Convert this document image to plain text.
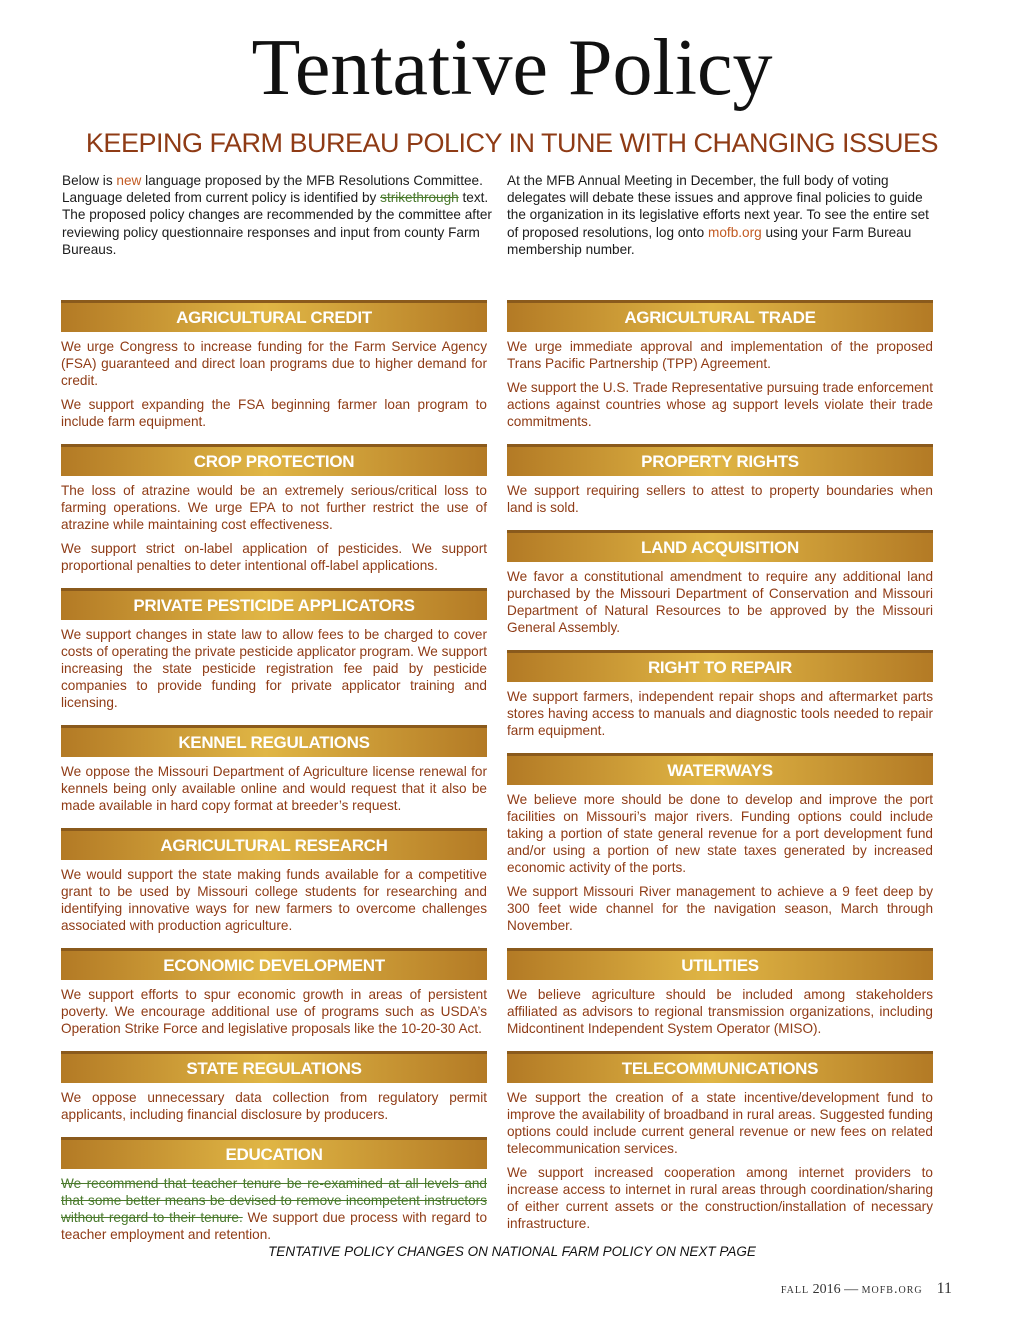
Tentative Policy
KEEPING FARM BUREAU POLICY IN TUNE WITH CHANGING ISSUES
Below is new language proposed by the MFB Resolutions Committee. Language deleted from current policy is identified by strikethrough text. The proposed policy changes are recommended by the committee after reviewing policy questionnaire responses and input from county Farm Bureaus.
At the MFB Annual Meeting in December, the full body of voting delegates will debate these issues and approve final policies to guide the organization in its legislative efforts next year. To see the entire set of proposed resolutions, log onto mofb.org using your Farm Bureau membership number.
AGRICULTURAL CREDIT

We urge Congress to increase funding for the Farm Service Agency (FSA) guaranteed and direct loan programs due to higher demand for credit.

We support expanding the FSA beginning farmer loan program to include farm equipment.

CROP PROTECTION

The loss of atrazine would be an extremely serious/critical loss to farming operations. We urge EPA to not further restrict the use of atrazine while maintaining cost effectiveness.

We support strict on-label application of pesticides. We support proportional penalties to deter intentional off-label applications.

PRIVATE PESTICIDE APPLICATORS

We support changes in state law to allow fees to be charged to cover costs of operating the private pesticide applicator program. We support increasing the state pesticide registration fee paid by pesticide companies to provide funding for private applicator training and licensing.

KENNEL REGULATIONS

We oppose the Missouri Department of Agriculture license renewal for kennels being only available online and would request that it also be made available in hard copy format at breeder’s request.

AGRICULTURAL RESEARCH

We would support the state making funds available for a competitive grant to be used by Missouri college students for researching and identifying innovative ways for new farmers to overcome challenges associated with production agriculture.

ECONOMIC DEVELOPMENT

We support efforts to spur economic growth in areas of persistent poverty. We encourage additional use of programs such as USDA’s Operation Strike Force and legislative proposals like the 10-20-30 Act.

STATE REGULATIONS

We oppose unnecessary data collection from regulatory permit applicants, including financial disclosure by producers.

EDUCATION

We recommend that teacher tenure be re-examined at all levels and that some better means be devised to remove incompetent instructors without regard to their tenure. We support due process with regard to teacher employment and retention.

AGRICULTURAL TRADE

We urge immediate approval and implementation of the proposed Trans Pacific Partnership (TPP) Agreement.

We support the U.S. Trade Representative pursuing trade enforcement actions against countries whose ag support levels violate their trade commitments.

PROPERTY RIGHTS

We support requiring sellers to attest to property boundaries when land is sold.

LAND ACQUISITION

We favor a constitutional amendment to require any additional land purchased by the Missouri Department of Conservation and Missouri Department of Natural Resources to be approved by the Missouri General Assembly.

RIGHT TO REPAIR

We support farmers, independent repair shops and aftermarket parts stores having access to manuals and diagnostic tools needed to repair farm equipment.

WATERWAYS

We believe more should be done to develop and improve the port facilities on Missouri’s major rivers. Funding options could include taking a portion of state general revenue for a port development fund and/or using a portion of new state taxes generated by increased economic activity of the ports.

We support Missouri River management to achieve a 9 feet deep by 300 feet wide channel for the navigation season, March through November.

UTILITIES

We believe agriculture should be included among stakeholders affiliated as advisors to regional transmission organizations, including Midcontinent Independent System Operator (MISO).

TELECOMMUNICATIONS

We support the creation of a state incentive/development fund to improve the availability of broadband in rural areas. Suggested funding options could include current general revenue or new fees on related telecommunication services.

We support increased cooperation among internet providers to increase access to internet in rural areas through coordination/sharing of either current assets or the construction/installation of necessary infrastructure.

TENTATIVE POLICY CHANGES ON NATIONAL FARM POLICY ON NEXT PAGE
fall 2016 — mofb.org 11
